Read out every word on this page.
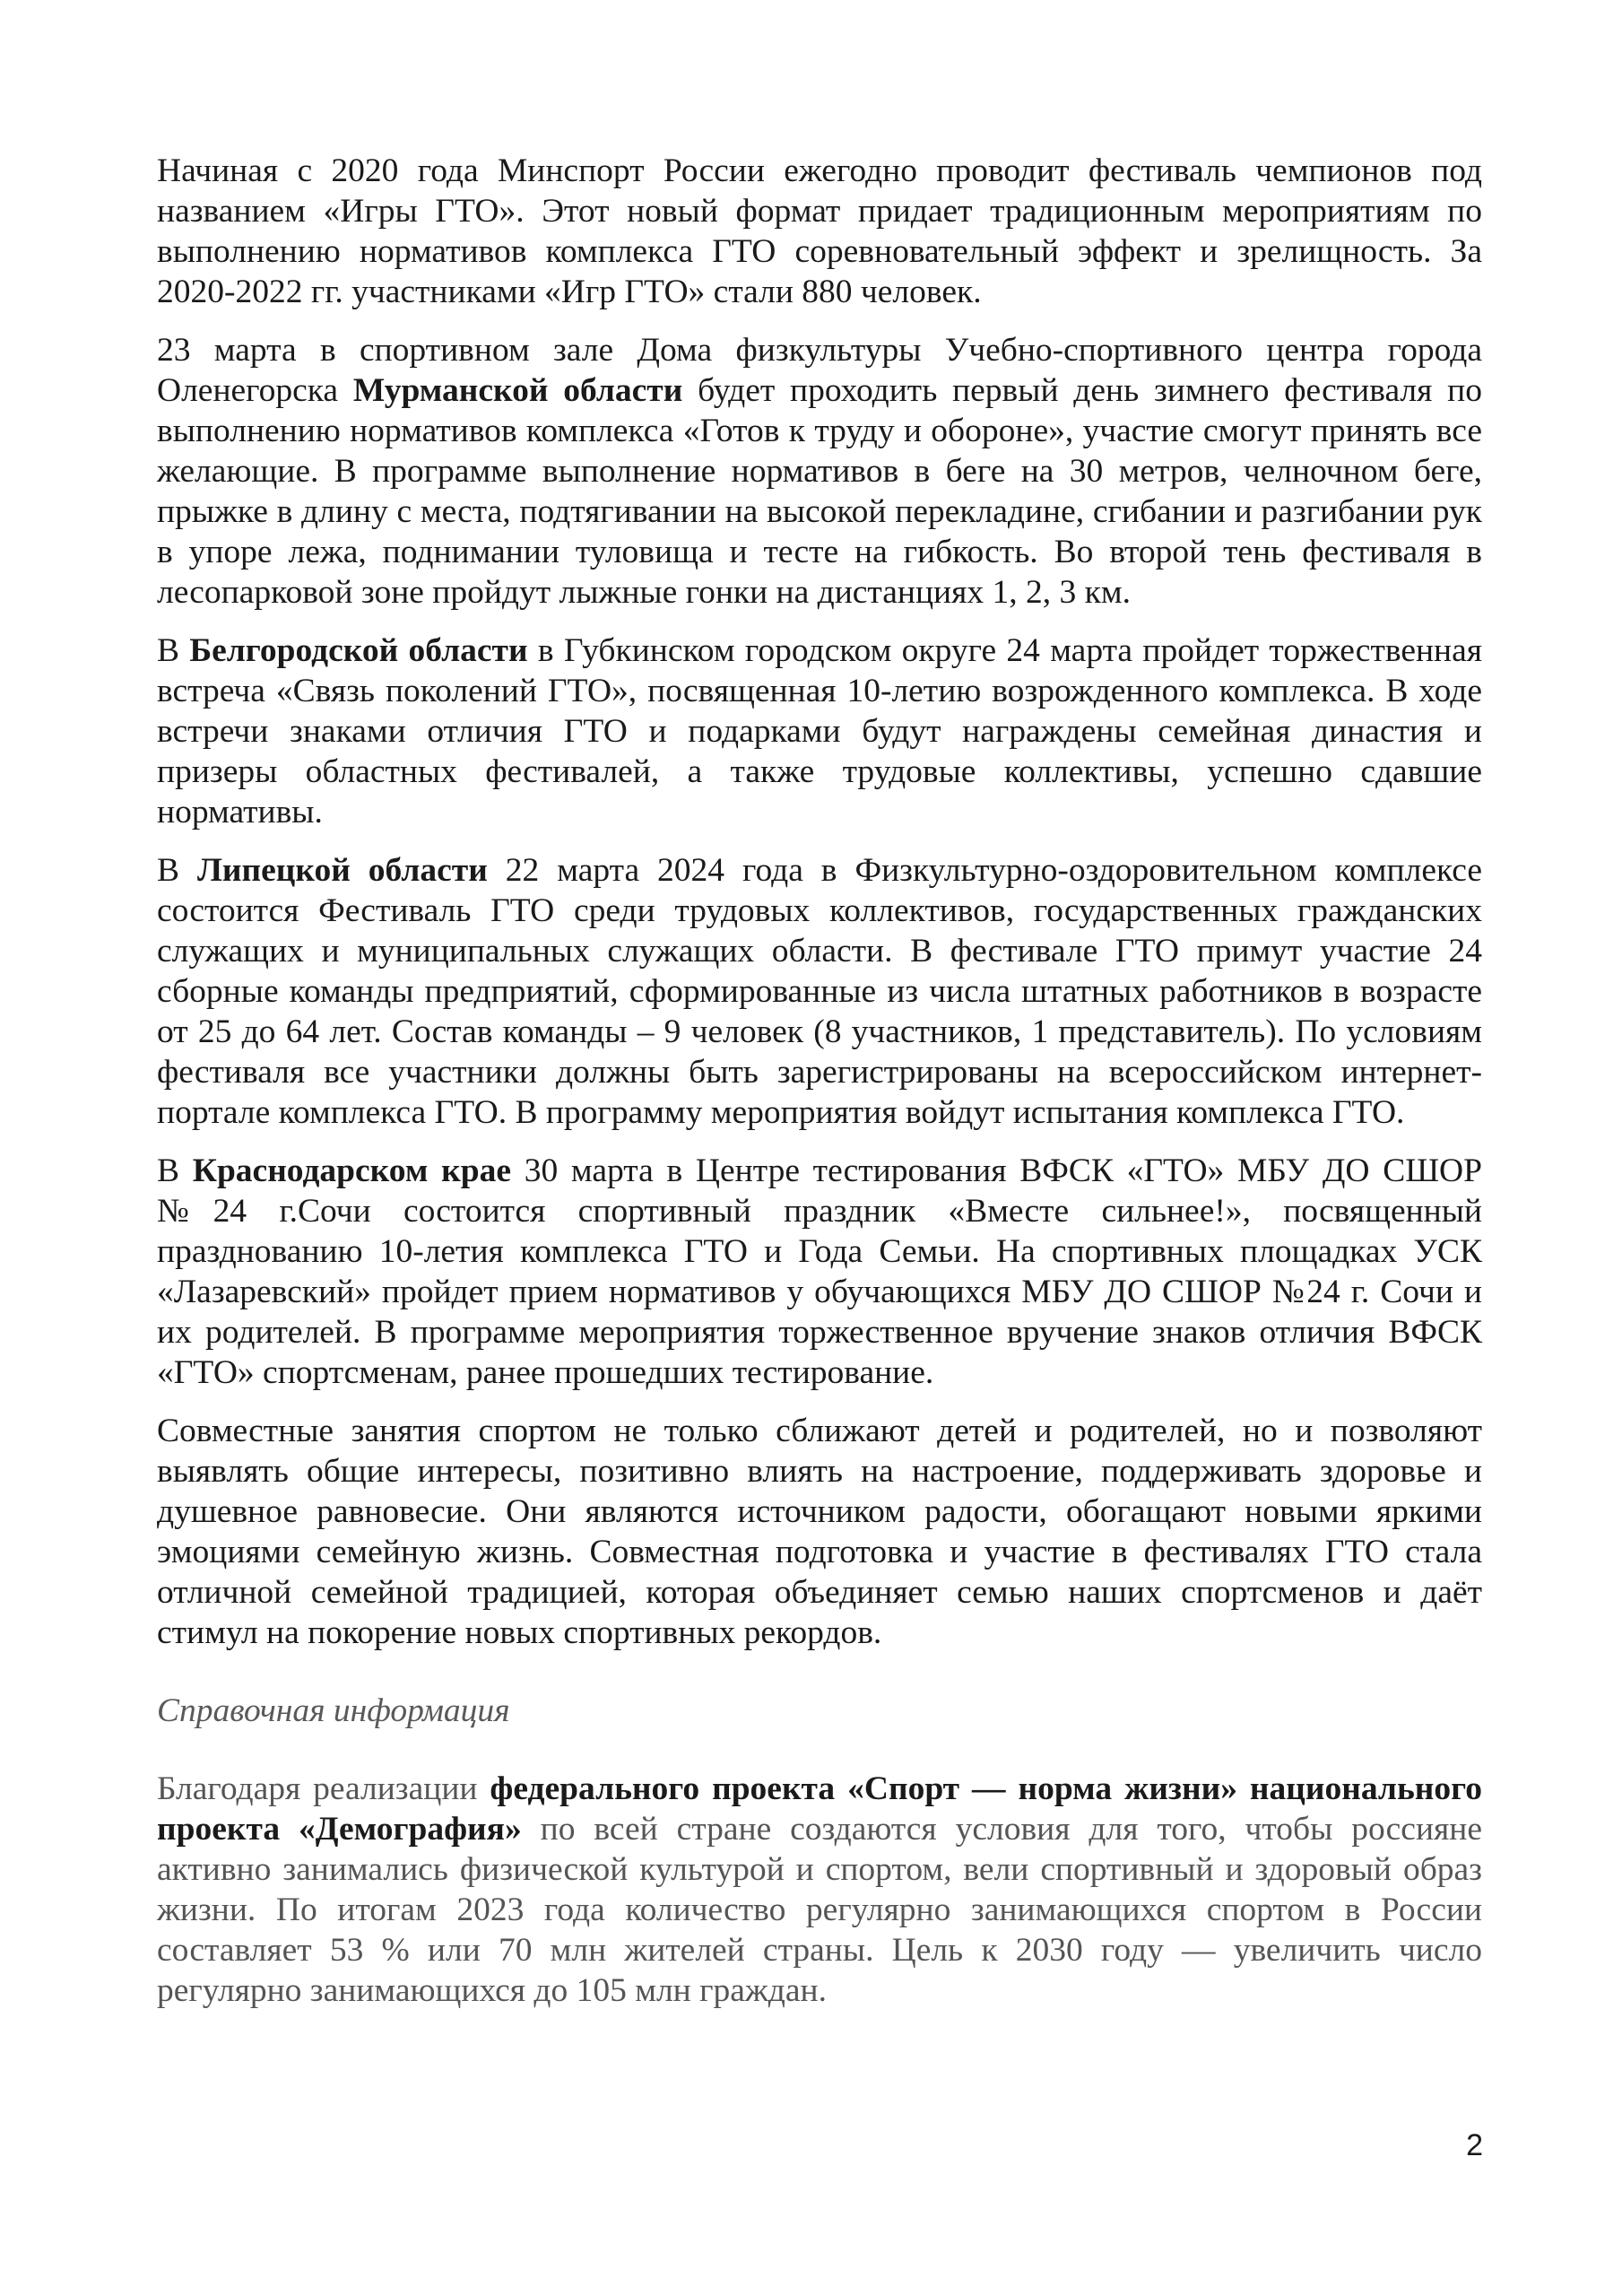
Начиная с 2020 года Минспорт России ежегодно проводит фестиваль чемпионов под названием «Игры ГТО». Этот новый формат придает традиционным мероприятиям по выполнению нормативов комплекса ГТО соревновательный эффект и зрелищность. За 2020-2022 гг. участниками «Игр ГТО» стали 880 человек.

23 марта в спортивном зале Дома физкультуры Учебно-спортивного центра города Оленегорска Мурманской области будет проходить первый день зимнего фестиваля по выполнению нормативов комплекса «Готов к труду и обороне», участие смогут принять все желающие. В программе выполнение нормативов в беге на 30 метров, челночном беге, прыжке в длину с места, подтягивании на высокой перекладине, сгибании и разгибании рук в упоре лежа, поднимании туловища и тесте на гибкость. Во второй тень фестиваля в лесопарковой зоне пройдут лыжные гонки на дистанциях 1, 2, 3 км.

В Белгородской области в Губкинском городском округе 24 марта пройдет торжественная встреча «Связь поколений ГТО», посвященная 10-летию возрожденного комплекса. В ходе встречи знаками отличия ГТО и подарками будут награждены семейная династия и призеры областных фестивалей, а также трудовые коллективы, успешно сдавшие нормативы.

В Липецкой области 22 марта 2024 года в Физкультурно-оздоровительном комплексе состоится Фестиваль ГТО среди трудовых коллективов, государственных гражданских служащих и муниципальных служащих области. В фестивале ГТО примут участие 24 сборные команды предприятий, сформированные из числа штатных работников в возрасте от 25 до 64 лет. Состав команды – 9 человек (8 участников, 1 представитель). По условиям фестиваля все участники должны быть зарегистрированы на всероссийском интернет-портале комплекса ГТО. В программу мероприятия войдут испытания комплекса ГТО.

В Краснодарском крае 30 марта в Центре тестирования ВФСК «ГТО» МБУ ДО СШОР №24 г.Сочи состоится спортивный праздник «Вместе сильнее!», посвященный празднованию 10-летия комплекса ГТО и Года Семьи. На спортивных площадках УСК «Лазаревский» пройдет прием нормативов у обучающихся МБУ ДО СШОР №24 г. Сочи и их родителей. В программе мероприятия торжественное вручение знаков отличия ВФСК «ГТО» спортсменам, ранее прошедших тестирование.

Совместные занятия спортом не только сближают детей и родителей, но и позволяют выявлять общие интересы, позитивно влиять на настроение, поддерживать здоровье и душевное равновесие. Они являются источником радости, обогащают новыми яркими эмоциями семейную жизнь. Совместная подготовка и участие в фестивалях ГТО стала отличной семейной традицией, которая объединяет семью наших спортсменов и даёт стимул на покорение новых спортивных рекордов.

Справочная информация

Благодаря реализации федерального проекта «Спорт — норма жизни» национального проекта «Демография» по всей стране создаются условия для того, чтобы россияне активно занимались физической культурой и спортом, вели спортивный и здоровый образ жизни. По итогам 2023 года количество регулярно занимающихся спортом в России составляет 53 % или 70 млн жителей страны. Цель к 2030 году — увеличить число регулярно занимающихся до 105 млн граждан.

2
